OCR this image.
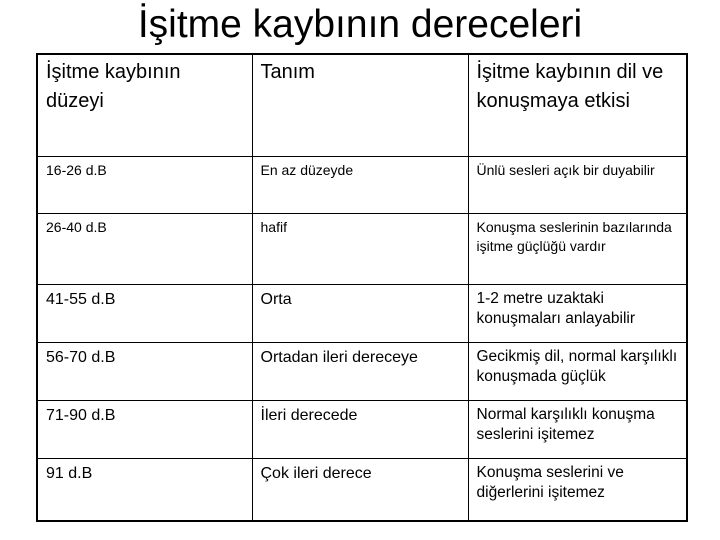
İşitme kaybının dereceleri
İşitme kaybının düzeyi	Tanım	İşitme kaybının dil ve konuşmaya etkisi
16-26 d.B	En az düzeyde	Ünlü sesleri açık bir duyabilir
26-40 d.B	hafif	Konuşma seslerinin bazılarında işitme güçlüğü vardır
41-55 d.B	Orta	1-2 metre uzaktaki konuşmaları anlayabilir
56-70 d.B	Ortadan ileri dereceye	Gecikmiş dil, normal karşılıklı konuşmada güçlük
71-90 d.B	İleri derecede	Normal karşılıklı konuşma seslerini işitemez
91 d.B	Çok ileri derece	Konuşma seslerini ve diğerlerini işitemez
